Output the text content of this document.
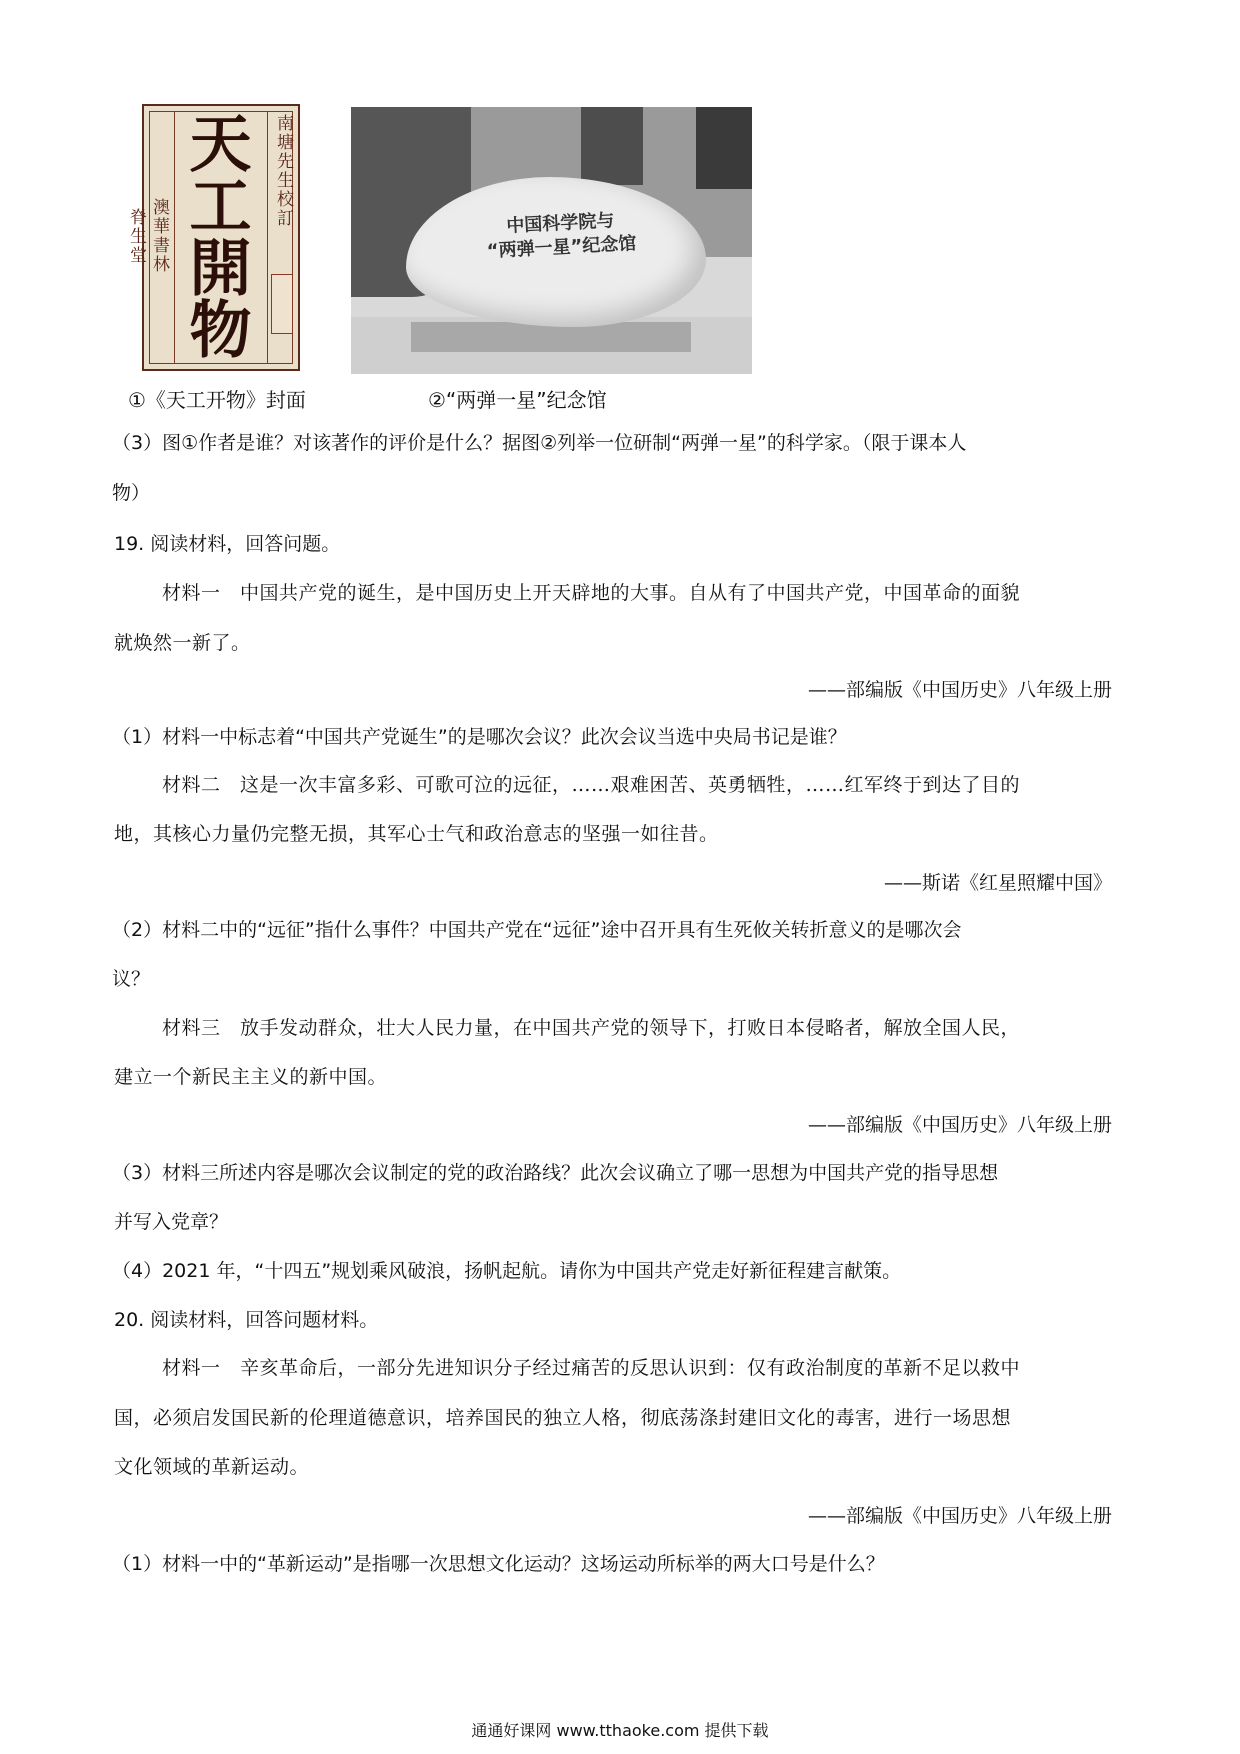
澳華書林
脊生堂 天工開物 南塘先生校訂	中国科学院与
“两弹一星”纪念馆
①《天工开物》封面	②“两弹一星”纪念馆
（3）图①作者是谁？对该著作的评价是什么？据图②列举一位研制“两弹一星”的科学家。（限于课本人
物）
19. 阅读材料，回答问题。
材料一　中国共产党的诞生，是中国历史上开天辟地的大事。自从有了中国共产党，中国革命的面貌
就焕然一新了。
——部编版《中国历史》八年级上册
（1）材料一中标志着“中国共产党诞生”的是哪次会议？此次会议当选中央局书记是谁？
材料二　这是一次丰富多彩、可歌可泣的远征，……艰难困苦、英勇牺牲，……红军终于到达了目的
地，其核心力量仍完整无损，其军心士气和政治意志的坚强一如往昔。
——斯诺《红星照耀中国》
（2）材料二中的“远征”指什么事件？中国共产党在“远征”途中召开具有生死攸关转折意义的是哪次会
议？
材料三　放手发动群众，壮大人民力量，在中国共产党的领导下，打败日本侵略者，解放全国人民，
建立一个新民主主义的新中国。
——部编版《中国历史》八年级上册
（3）材料三所述内容是哪次会议制定的党的政治路线？此次会议确立了哪一思想为中国共产党的指导思想
并写入党章？
（4）2021 年，“十四五”规划乘风破浪，扬帆起航。请你为中国共产党走好新征程建言献策。
20. 阅读材料，回答问题材料。
材料一　辛亥革命后，一部分先进知识分子经过痛苦的反思认识到：仅有政治制度的革新不足以救中
国，必须启发国民新的伦理道德意识，培养国民的独立人格，彻底荡涤封建旧文化的毒害，进行一场思想
文化领域的革新运动。
——部编版《中国历史》八年级上册
（1）材料一中的“革新运动”是指哪一次思想文化运动？这场运动所标举的两大口号是什么？
通通好课网 www.tthaoke.com 提供下载
